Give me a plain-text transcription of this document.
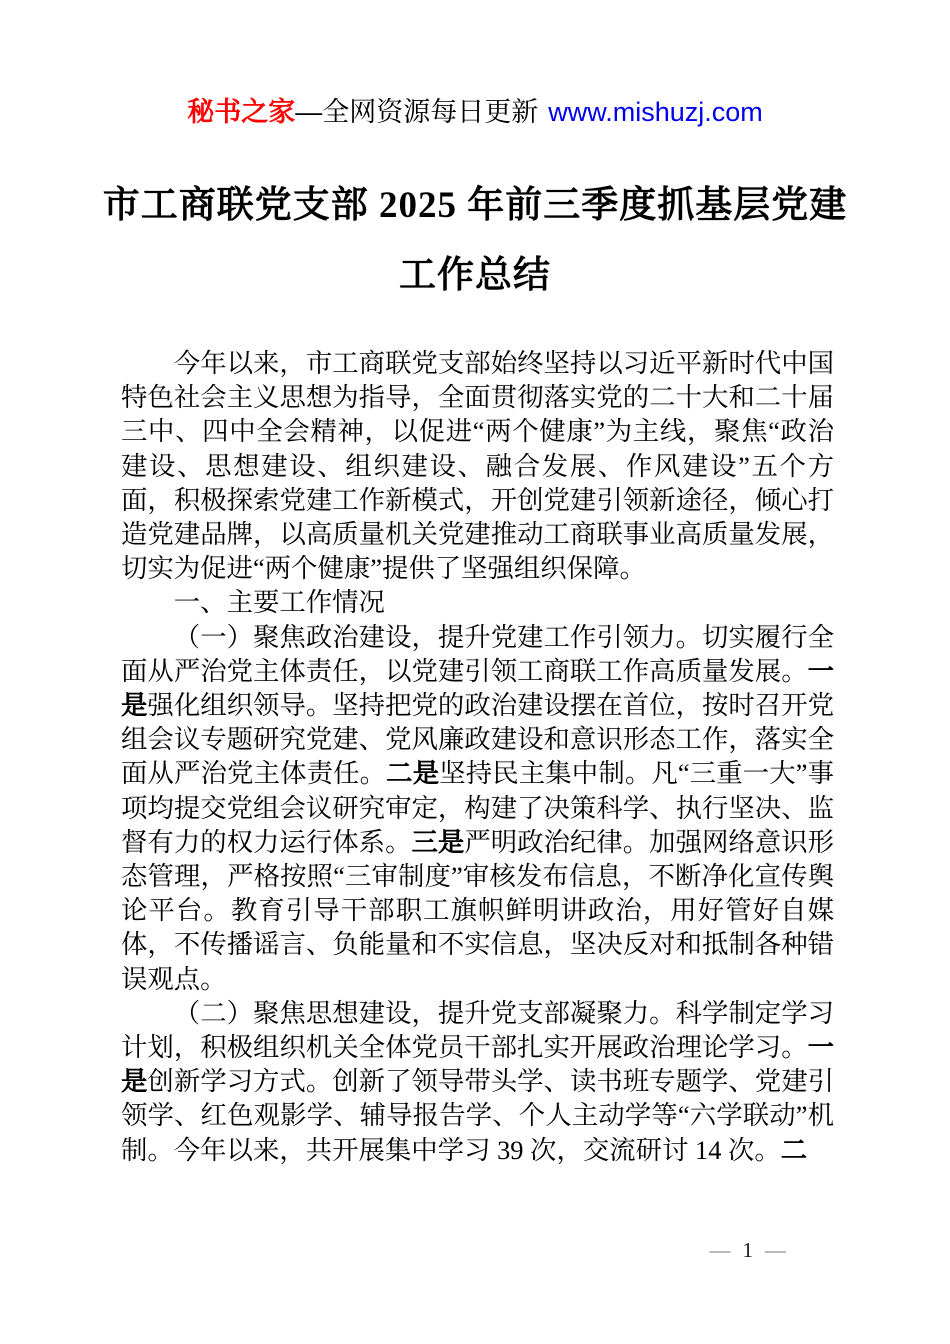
秘书之家—全网资源每日更新 www.mishuzj.com
市工商联党支部 2025 年前三季度抓基层党建
工作总结

今年以来，市工商联党支部始终坚持以习近平新时代中国特色社会主义思想为指导，全面贯彻落实党的二十大和二十届三中、四中全会精神，以促进“两个健康”为主线，聚焦“政治建设、思想建设、组织建设、融合发展、作风建设”五个方面，积极探索党建工作新模式，开创党建引领新途径，倾心打造党建品牌，以高质量机关党建推动工商联事业高质量发展，切实为促进“两个健康”提供了坚强组织保障。

一、主要工作情况

（一）聚焦政治建设，提升党建工作引领力。切实履行全面从严治党主体责任，以党建引领工商联工作高质量发展。一是强化组织领导。坚持把党的政治建设摆在首位，按时召开党组会议专题研究党建、党风廉政建设和意识形态工作，落实全面从严治党主体责任。二是坚持民主集中制。凡“三重一大”事项均提交党组会议研究审定，构建了决策科学、执行坚决、监督有力的权力运行体系。三是严明政治纪律。加强网络意识形态管理，严格按照“三审制度”审核发布信息，不断净化宣传舆论平台。教育引导干部职工旗帜鲜明讲政治，用好管好自媒体，不传播谣言、负能量和不实信息，坚决反对和抵制各种错误观点。

（二）聚焦思想建设，提升党支部凝聚力。科学制定学习计划，积极组织机关全体党员干部扎实开展政治理论学习。一是创新学习方式。创新了领导带头学、读书班专题学、党建引领学、红色观影学、辅导报告学、个人主动学等“六学联动”机制。今年以来，共开展集中学习 39 次，交流研讨 14 次。二

— 1 —
